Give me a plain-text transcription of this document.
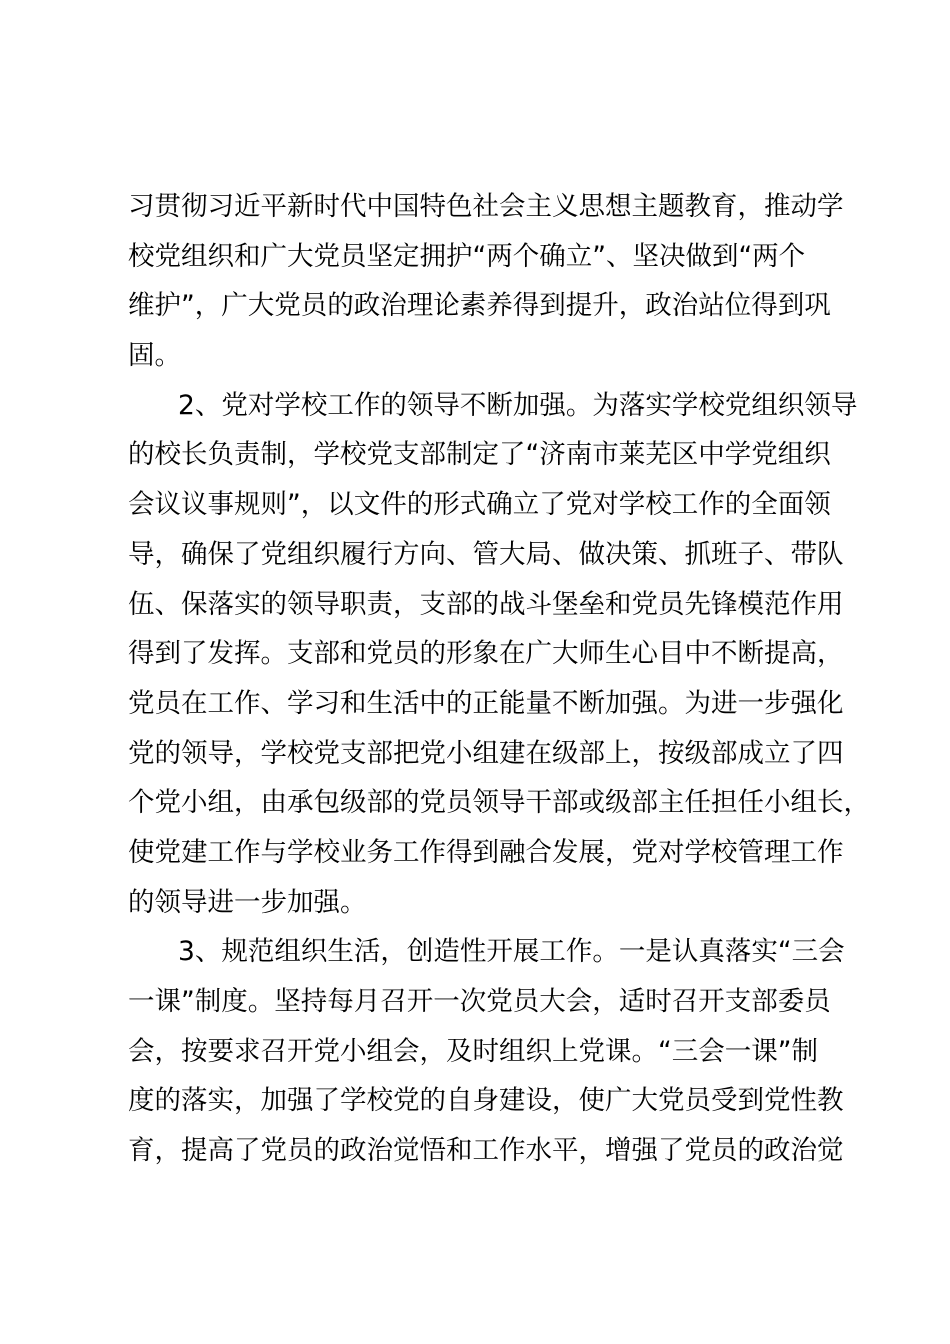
习贯彻习近平新时代中国特色社会主义思想主题教育，推动学
校党组织和广大党员坚定拥护“两个确立”、坚决做到“两个
维护”，广大党员的政治理论素养得到提升，政治站位得到巩
固。
2、党对学校工作的领导不断加强。为落实学校党组织领导
的校长负责制，学校党支部制定了“济南市莱芜区中学党组织
会议议事规则”，以文件的形式确立了党对学校工作的全面领
导，确保了党组织履行方向、管大局、做决策、抓班子、带队
伍、保落实的领导职责，支部的战斗堡垒和党员先锋模范作用
得到了发挥。支部和党员的形象在广大师生心目中不断提高，
党员在工作、学习和生活中的正能量不断加强。为进一步强化
党的领导，学校党支部把党小组建在级部上，按级部成立了四
个党小组，由承包级部的党员领导干部或级部主任担任小组长，
使党建工作与学校业务工作得到融合发展，党对学校管理工作
的领导进一步加强。
3、规范组织生活，创造性开展工作。一是认真落实“三会
一课”制度。坚持每月召开一次党员大会，适时召开支部委员
会，按要求召开党小组会，及时组织上党课。“三会一课”制
度的落实，加强了学校党的自身建设，使广大党员受到党性教
育，提高了党员的政治觉悟和工作水平，增强了党员的政治觉
